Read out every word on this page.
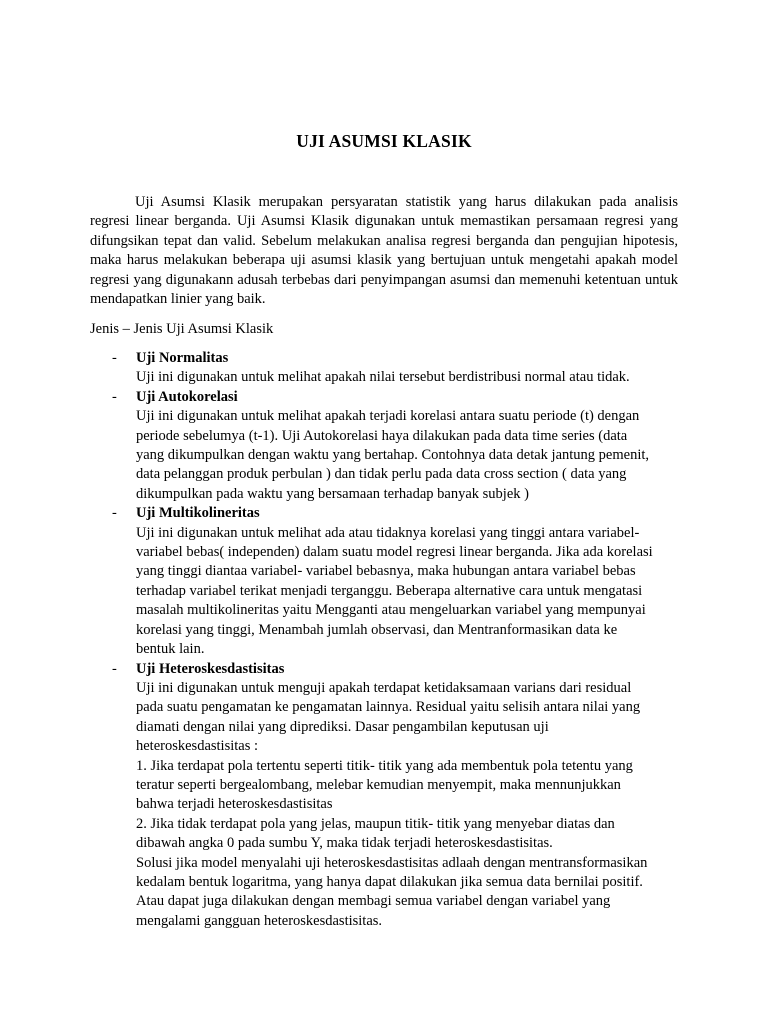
UJI ASUMSI KLASIK

Uji Asumsi Klasik merupakan persyaratan statistik yang harus dilakukan pada analisis regresi linear berganda. Uji Asumsi Klasik digunakan untuk memastikan persamaan regresi yang difungsikan tepat dan valid. Sebelum melakukan analisa regresi berganda dan pengujian hipotesis, maka harus melakukan beberapa uji asumsi klasik yang bertujuan untuk mengetahi apakah model regresi yang digunakann adusah terbebas dari penyimpangan asumsi dan memenuhi ketentuan untuk mendapatkan linier yang baik.

Jenis – Jenis Uji Asumsi Klasik

- Uji Normalitas
Uji ini digunakan untuk melihat apakah nilai tersebut berdistribusi normal atau tidak.
- Uji Autokorelasi
Uji ini digunakan untuk melihat apakah terjadi korelasi antara suatu periode (t) dengan
periode sebelumya (t-1). Uji Autokorelasi haya dilakukan pada data time series (data
yang dikumpulkan dengan waktu yang bertahap. Contohnya data detak jantung pemenit,
data pelanggan produk perbulan ) dan tidak perlu pada data cross section ( data yang
dikumpulkan pada waktu yang bersamaan terhadap banyak subjek )
- Uji Multikolineritas
Uji ini digunakan untuk melihat ada atau tidaknya korelasi yang tinggi antara variabel-
variabel bebas( independen) dalam suatu model regresi linear berganda. Jika ada korelasi
yang tinggi diantaa variabel- variabel bebasnya, maka hubungan antara variabel bebas
terhadap variabel terikat menjadi terganggu. Beberapa alternative cara untuk mengatasi
masalah multikolineritas yaitu Mengganti atau mengeluarkan variabel yang mempunyai
korelasi yang tinggi, Menambah jumlah observasi, dan Mentranformasikan data ke
bentuk lain.
- Uji Heteroskesdastisitas
Uji ini digunakan untuk menguji apakah terdapat ketidaksamaan varians dari residual
pada suatu pengamatan ke pengamatan lainnya. Residual yaitu selisih antara nilai yang
diamati dengan nilai yang diprediksi. Dasar pengambilan keputusan uji
heteroskesdastisitas :
1. Jika terdapat pola tertentu seperti titik- titik yang ada membentuk pola tetentu yang
teratur seperti bergealombang, melebar kemudian menyempit, maka mennunjukkan
bahwa terjadi heteroskesdastisitas
2. Jika tidak terdapat pola yang jelas, maupun titik- titik yang menyebar diatas dan
dibawah angka 0 pada sumbu Y, maka tidak terjadi heteroskesdastisitas.
Solusi jika model menyalahi uji heteroskesdastisitas adlaah dengan mentransformasikan
kedalam bentuk logaritma, yang hanya dapat dilakukan jika semua data bernilai positif.
Atau dapat juga dilakukan dengan membagi semua variabel dengan variabel yang
mengalami gangguan heteroskesdastisitas.
